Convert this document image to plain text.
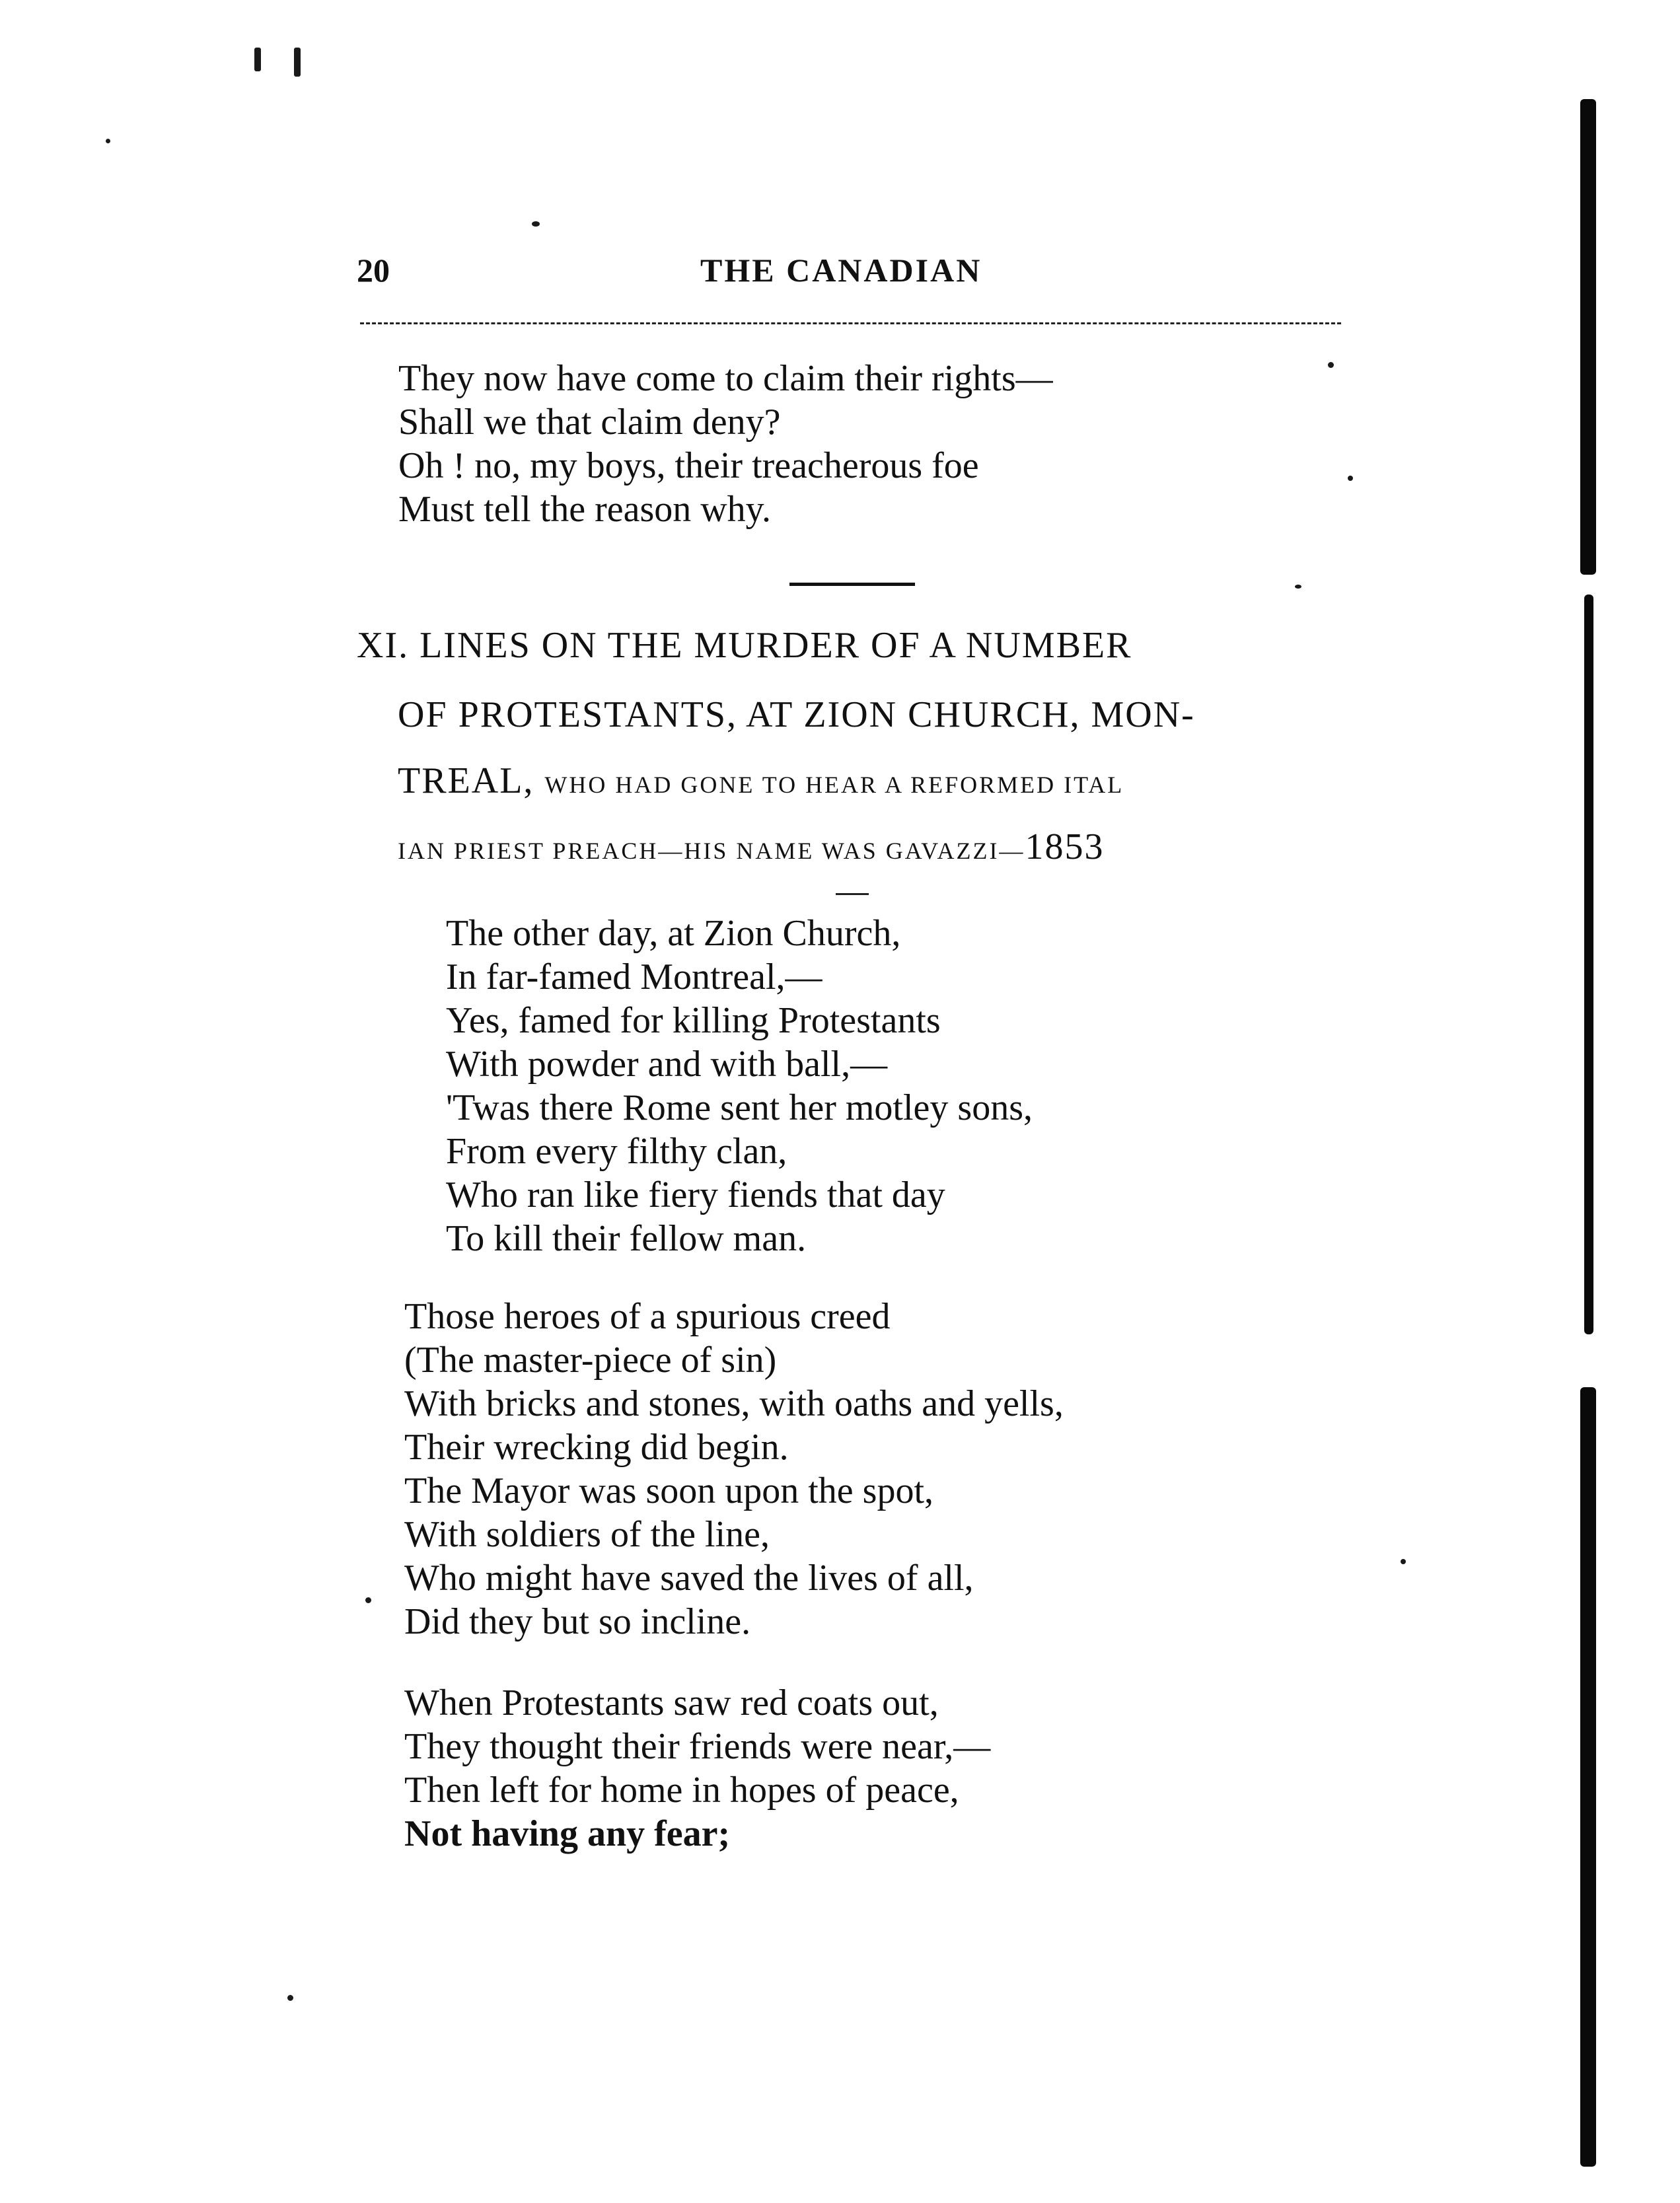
20	THE CANADIAN
They now have come to claim their rights—
Shall we that claim deny?
Oh ! no, my boys, their treacherous foe
Must tell the reason why.
XI. LINES ON THE MURDER OF A NUMBER
OF PROTESTANTS, AT ZION CHURCH, MON-
TREAL, WHO HAD GONE TO HEAR A REFORMED ITAL
IAN PRIEST PREACH—HIS NAME WAS GAVAZZI—1853
The other day, at Zion Church,
In far-famed Montreal,—
Yes, famed for killing Protestants
With powder and with ball,—
'Twas there Rome sent her motley sons,
From every filthy clan,
Who ran like fiery fiends that day
To kill their fellow man.
Those heroes of a spurious creed
(The master-piece of sin)
With bricks and stones, with oaths and yells,
Their wrecking did begin.
The Mayor was soon upon the spot,
With soldiers of the line,
Who might have saved the lives of all,
Did they but so incline.
When Protestants saw red coats out,
They thought their friends were near,—
Then left for home in hopes of peace,
Not having any fear;
